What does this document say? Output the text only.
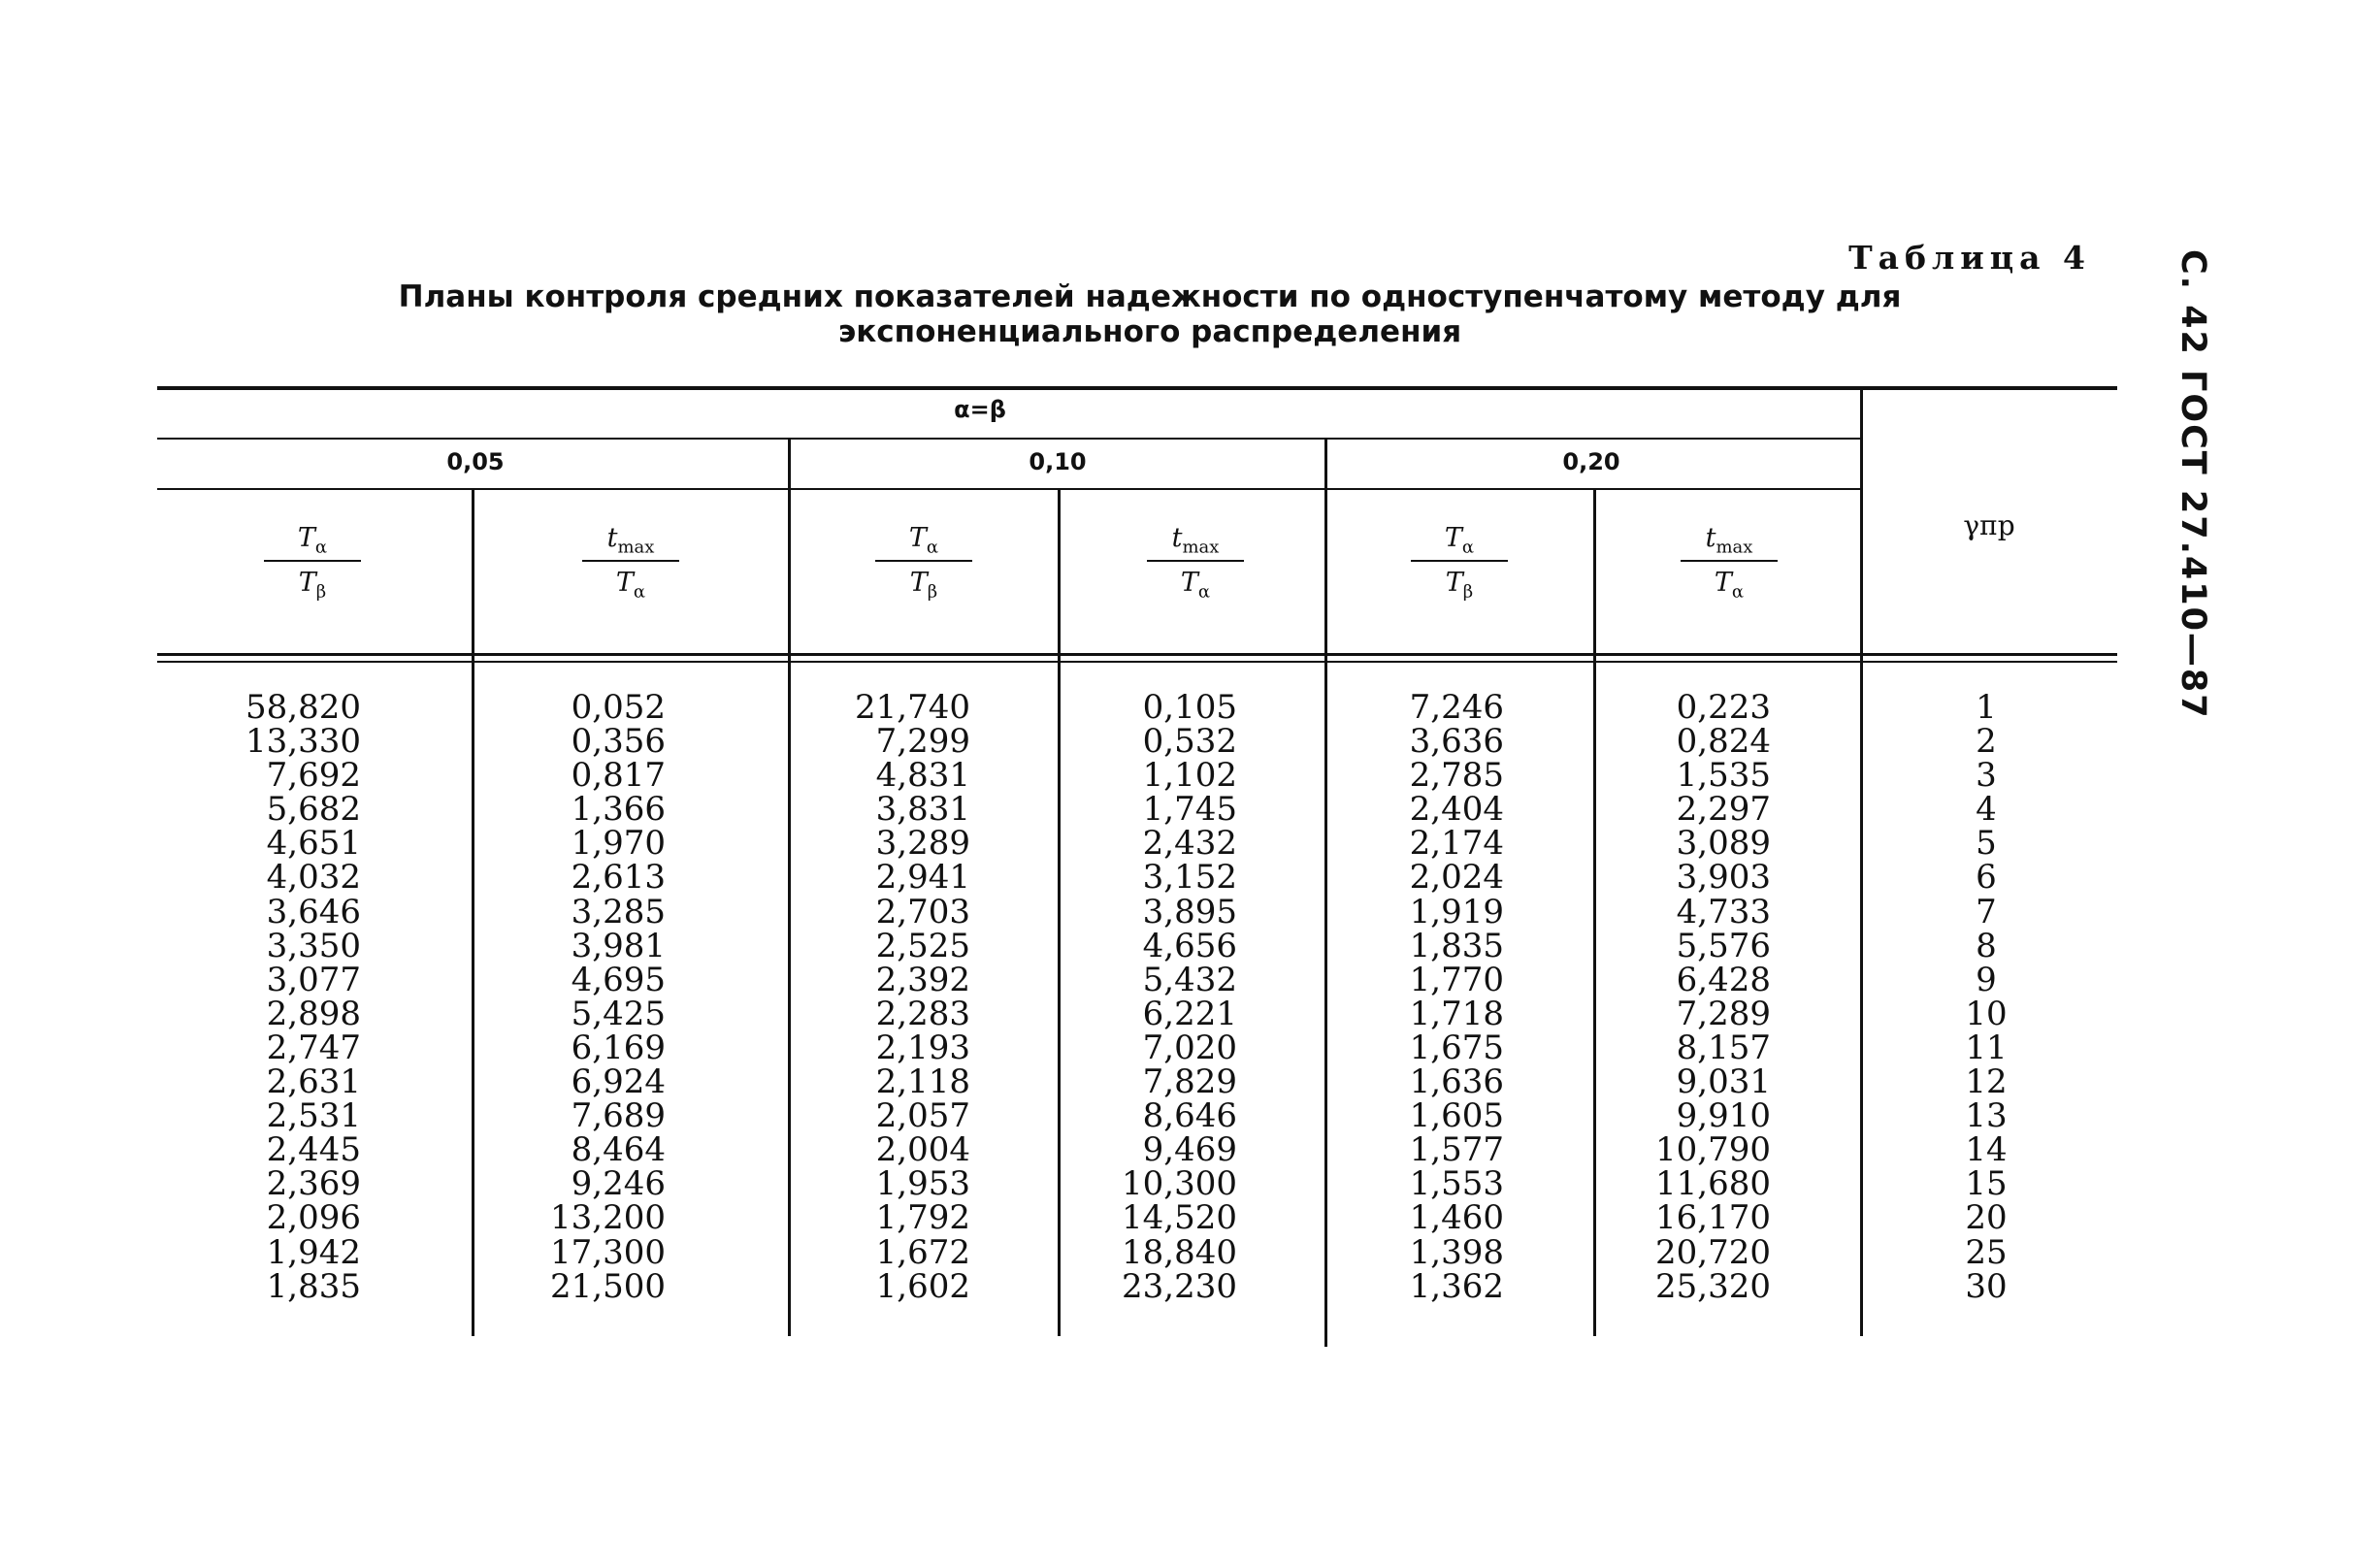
С. 42 ГОСТ 27.410—87
Таблица 4
Планы контроля средних показателей надежности по одноступенчатому методу для экспоненциального распределения
α=β
0,05	0,10	0,20
γпр
$T_\alpha$
$T_\beta$
$t_{max}$
$T_\alpha$
$T_\alpha$
$T_\beta$
$t_{max}$
$T_\alpha$
$T_\alpha$
$T_\beta$
$t_{max}$
$T_\alpha$
58,820
13,330
7,692
5,682
4,651
4,032
3,646
3,350
3,077
2,898
2,747
2,631
2,531
2,445
2,369
2,096
1,942
1,835
0,052
0,356
0,817
1,366
1,970
2,613
3,285
3,981
4,695
5,425
6,169
6,924
7,689
8,464
9,246
13,200
17,300
21,500
21,740
7,299
4,831
3,831
3,289
2,941
2,703
2,525
2,392
2,283
2,193
2,118
2,057
2,004
1,953
1,792
1,672
1,602
0,105
0,532
1,102
1,745
2,432
3,152
3,895
4,656
5,432
6,221
7,020
7,829
8,646
9,469
10,300
14,520
18,840
23,230
7,246
3,636
2,785
2,404
2,174
2,024
1,919
1,835
1,770
1,718
1,675
1,636
1,605
1,577
1,553
1,460
1,398
1,362
0,223
0,824
1,535
2,297
3,089
3,903
4,733
5,576
6,428
7,289
8,157
9,031
9,910
10,790
11,680
16,170
20,720
25,320
1
2
3
4
5
6
7
8
9
10
11
12
13
14
15
20
25
30
